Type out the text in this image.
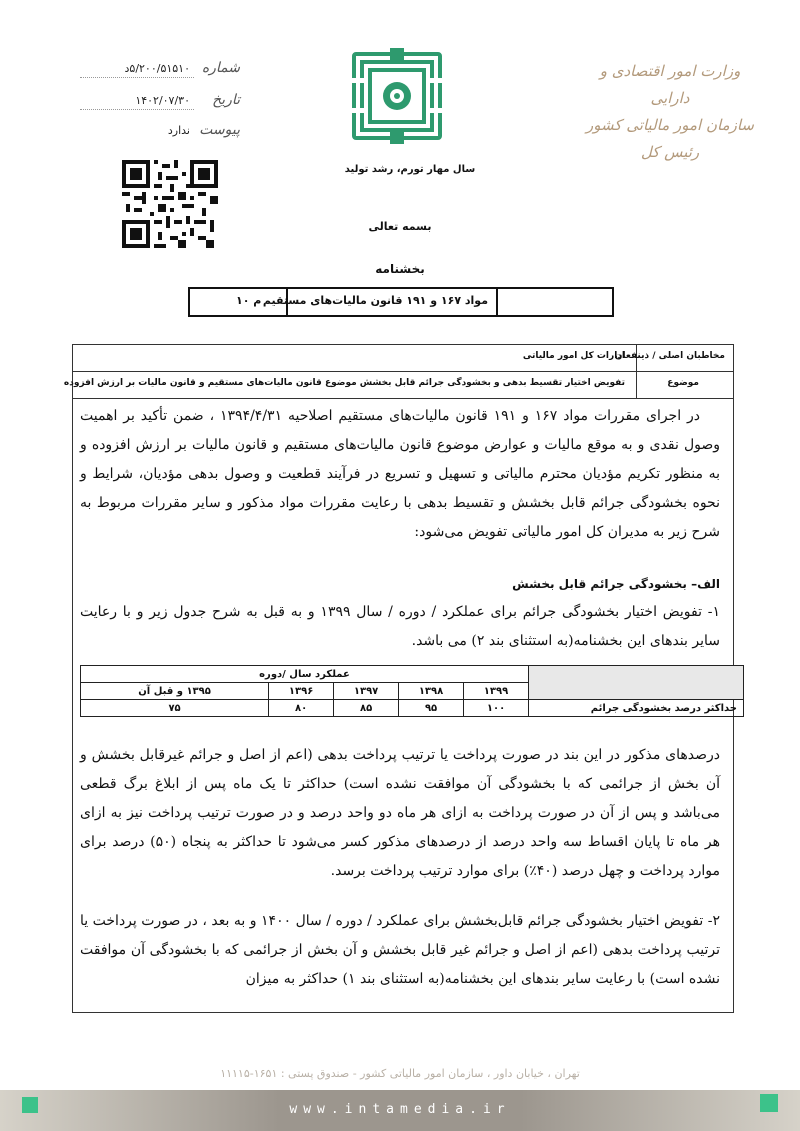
شماره
۵/۲۰۰/۵۱۵۱۰د
تاریخ
۱۴۰۲/۰۷/۳۰
پیوست
ندارد
وزارت امور اقتصادی و دارایی
سازمان امور مالیاتی کشور
رئیس کل
سال مهار تورم، رشد تولید
بسمه تعالی
بخشنامه
مواد ۱۶۷ و ۱۹۱ قانون مالیات‌های مستقیم
م ۱۰
مخاطبان اصلی / ذینفعان
ادارات کل امور مالیاتی
موضوع
تفویض اختیار تقسیط بدهی و بخشودگی جرائم قابل بخشش موضوع قانون مالیات‌های مستقیم و قانون مالیات بر ارزش افزوده
در اجرای مقررات مواد ۱۶۷ و ۱۹۱ قانون مالیات‌های مستقیم اصلاحیه ۱۳۹۴/۴/۳۱ ، ضمن تأکید بر اهمیت وصول نقدی و به موقع مالیات و عوارض موضوع قانون مالیات‌های مستقیم و قانون مالیات بر ارزش افزوده و به منظور تکریم مؤدیان محترم مالیاتی و تسهیل و تسریع در فرآیند قطعیت و وصول بدهی مؤدیان، شرایط و نحوه بخشودگی جرائم قابل بخشش و تقسیط بدهی با رعایت مقررات مواد مذکور و سایر مقررات مربوط به شرح زیر به مدیران کل امور مالیاتی تفویض می‌شود:
الف– بخشودگی جرائم قابل بخشش
۱- تفویض اختیار بخشودگی جرائم برای عملکرد / دوره / سال ۱۳۹۹ و به قبل به شرح جدول زیر و با رعایت سایر بندهای این بخشنامه(به استثنای بند ۲) می باشد.
	عملکرد سال /دوره				
	۱۳۹۹	۱۳۹۸	۱۳۹۷	۱۳۹۶	۱۳۹۵ و قبل آن
حداکثر درصد بخشودگی جرائم	۱۰۰	۹۵	۸۵	۸۰	۷۵
درصدهای مذکور در این بند در صورت پرداخت یا ترتیب پرداخت بدهی (اعم از اصل و جرائم غیرقابل بخشش و آن بخش از جرائمی که با بخشودگی آن موافقت نشده است) حداکثر تا یک ماه پس از ابلاغ برگ قطعی می‌باشد و پس از آن در صورت پرداخت به ازای هر ماه دو واحد درصد و در صورت ترتیب پرداخت نیز به ازای هر ماه تا پایان اقساط سه واحد درصد از درصدهای مذکور کسر می‌شود تا حداکثر به پنجاه (۵۰) درصد برای موارد پرداخت و چهل درصد (۴۰٪) برای موارد ترتیب پرداخت برسد.
۲- تفویض اختیار بخشودگی جرائم قابل‌بخشش برای عملکرد / دوره / سال ۱۴۰۰ و به بعد ، در صورت پرداخت یا ترتیب پرداخت بدهی (اعم از اصل و جرائم غیر قابل بخشش و آن بخش از جرائمی که با بخشودگی آن موافقت نشده است) با رعایت سایر بندهای این بخشنامه(به استثنای بند ۱) حداکثر به میزان
تهران ، خیابان داور ، سازمان امور مالیاتی کشور - صندوق پستی : ۱۶۵۱-۱۱۱۱۵
www.intamedia.ir
